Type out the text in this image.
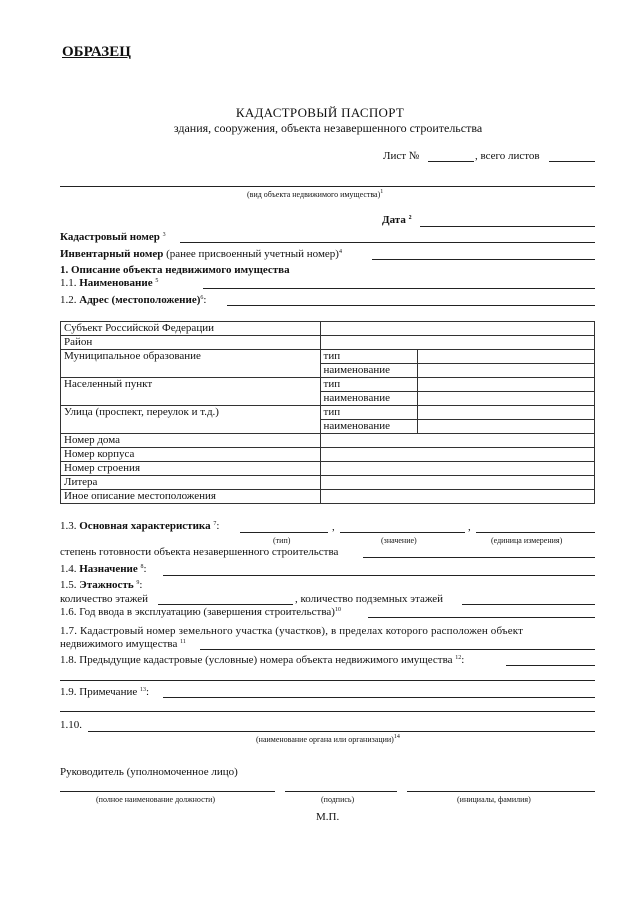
ОБРАЗЕЦ
КАДАСТРОВЫЙ ПАСПОРТ
здания, сооружения, объекта незавершенного строительства
Лист №	, всего листов
(вид объекта недвижимого имущества)$^1$
Дата $^2$
Кадастровый номер $^3$
Инвентарный номер (ранее присвоенный учетный номер)$^4$
1. Описание объекта недвижимого имущества
1.1. Наименование $^5$
1.2. Адрес (местоположение)$^6$:
Субъект Российской Федерации		
Район		
Муниципальное образование	тип	
	наименование	
Населенный пункт	тип	
	наименование	
Улица (проспект, переулок и т.д.)	тип	
	наименование	
Номер дома		
Номер корпуса		
Номер строения		
Литера		
Иное описание местоположения		
1.3. Основная характеристика $^7$:	,	,
(тип)	(значение)	(единица измерения)
степень готовности объекта незавершенного строительства
1.4. Назначение $^8$:
1.5. Этажность $^9$:
количество этажей	, количество подземных этажей
1.6. Год ввода в эксплуатацию (завершения строительства)$^{10}$
1.7. Кадастровый номер земельного участка (участков), в пределах которого расположен объект
недвижимого имущества $^{11}$
1.8. Предыдущие кадастровые (условные) номера объекта недвижимого имущества $^{12}$:
1.9. Примечание $^{13}$:
1.10.
(наименование органа или организации)$^{14}$
Руководитель (уполномоченное лицо)
(полное наименование должности)	(подпись)	(инициалы, фамилия)
М.П.
